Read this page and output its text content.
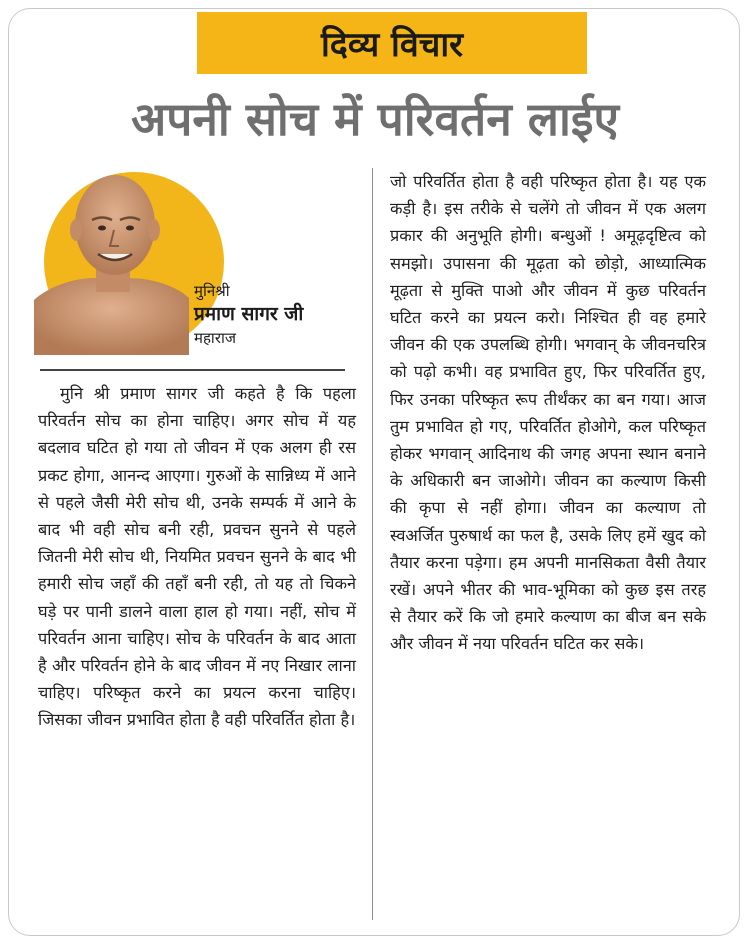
दिव्य विचार
अपनी सोच में परिवर्तन लाईए
मुनिश्री
प्रमाण सागर जी
महाराज
मुनि श्री प्रमाण सागर जी कहते है कि पहला परिवर्तन सोच का होना चाहिए। अगर सोच में यह बदलाव घटित हो गया तो जीवन में एक अलग ही रस प्रकट होगा, आनन्द आएगा। गुरुओं के सान्निध्य में आने से पहले जैसी मेरी सोच थी, उनके सम्पर्क में आने के बाद भी वही सोच बनी रही, प्रवचन सुनने से पहले जितनी मेरी सोच थी, नियमित प्रवचन सुनने के बाद भी हमारी सोच जहाँ की तहाँ बनी रही, तो यह तो चिकने घड़े पर पानी डालने वाला हाल हो गया। नहीं, सोच में परिवर्तन आना चाहिए। सोच के परिवर्तन के बाद आता है और परिवर्तन होने के बाद जीवन में नए निखार लाना चाहिए। परिष्कृत करने का प्रयत्न करना चाहिए। जिसका जीवन प्रभावित होता है वही परिवर्तित होता है।
जो परिवर्तित होता है वही परिष्कृत होता है। यह एक कड़ी है। इस तरीके से चलेंगे तो जीवन में एक अलग प्रकार की अनुभूति होगी। बन्धुओं ! अमूढ़दृष्टित्व को समझो। उपासना की मूढ़ता को छोड़ो, आध्यात्मिक मूढ़ता से मुक्ति पाओ और जीवन में कुछ परिवर्तन घटित करने का प्रयत्न करो। निश्चित ही वह हमारे जीवन की एक उपलब्धि होगी। भगवान् के जीवनचरित्र को पढ़ो कभी। वह प्रभावित हुए, फिर परिवर्तित हुए, फिर उनका परिष्कृत रूप तीर्थंकर का बन गया। आज तुम प्रभावित हो गए, परिवर्तित होओगे, कल परिष्कृत होकर भगवान् आदिनाथ की जगह अपना स्थान बनाने के अधिकारी बन जाओगे। जीवन का कल्याण किसी की कृपा से नहीं होगा। जीवन का कल्याण तो स्वअर्जित पुरुषार्थ का फल है, उसके लिए हमें खुद को तैयार करना पड़ेगा। हम अपनी मानसिकता वैसी तैयार रखें। अपने भीतर की भाव-भूमिका को कुछ इस तरह से तैयार करें कि जो हमारे कल्याण का बीज बन सके और जीवन में नया परिवर्तन घटित कर सके।
